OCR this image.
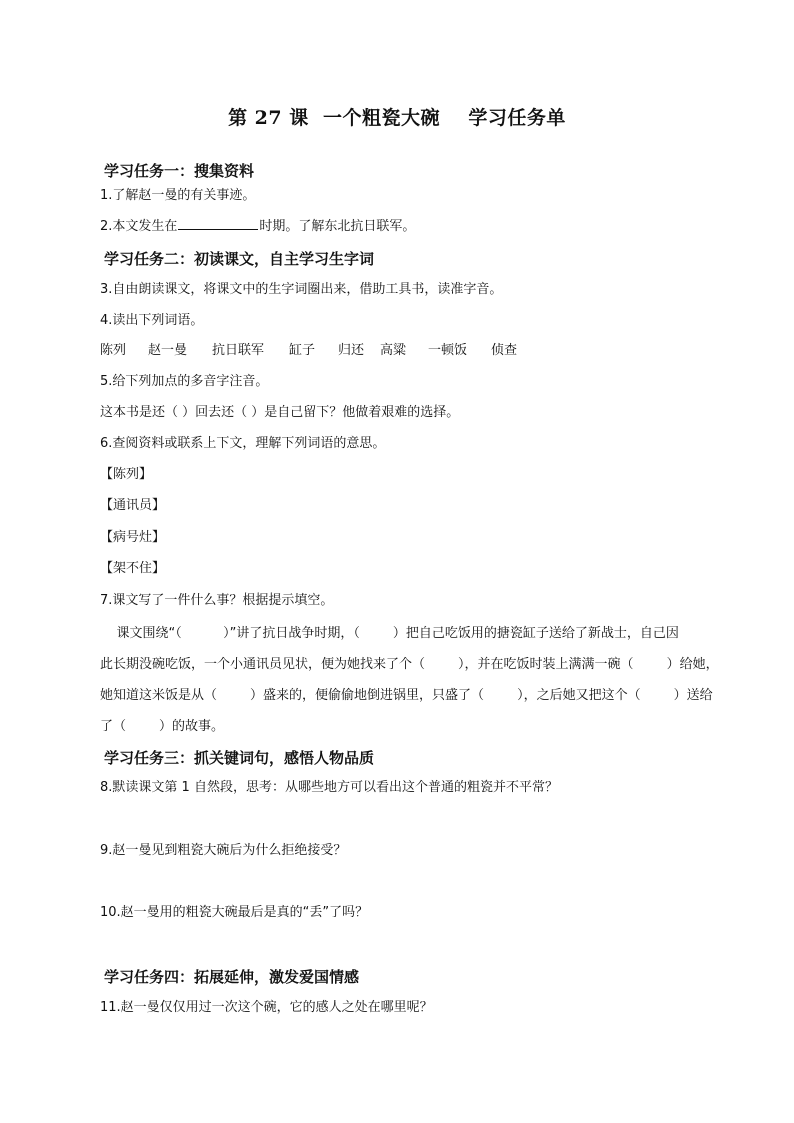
第 27 课  一个粗瓷大碗    学习任务单
学习任务一：搜集资料
1.了解赵一曼的有关事迹。
2.本文发生在	时期。了解东北抗日联军。
学习任务二：初读课文，自主学习生字词
3.自由朗读课文，将课文中的生字词圈出来，借助工具书，读准字音。
4.读出下列词语。
陈列 赵一曼 抗日联军 缸子 归还 高粱 一顿饭 侦查
5.给下列加点的多音字注音。
这本书是还（ ）回去还（ ）是自己留下？他做着艰难的选择。
6.查阅资料或联系上下文，理解下列词语的意思。
【陈列】
【通讯员】
【病号灶】
【架不住】
7.课文写了一件什么事？根据提示填空。
课文围绕“（          ）”讲了抗日战争时期，（        ）把自己吃饭用的搪瓷缸子送给了新战士，自己因
此长期没碗吃饭，一个小通讯员见状，便为她找来了个（        ），并在吃饭时装上满满一碗（        ）给她，
她知道这米饭是从（        ）盛来的，便偷偷地倒进锅里，只盛了（        ），之后她又把这个（        ）送给
了（        ）的故事。
学习任务三：抓关键词句，感悟人物品质
8.默读课文第 1 自然段，思考：从哪些地方可以看出这个普通的粗瓷并不平常？
9.赵一曼见到粗瓷大碗后为什么拒绝接受？
10.赵一曼用的粗瓷大碗最后是真的“丢”了吗？
学习任务四：拓展延伸，激发爱国情感
11.赵一曼仅仅用过一次这个碗，它的感人之处在哪里呢？
